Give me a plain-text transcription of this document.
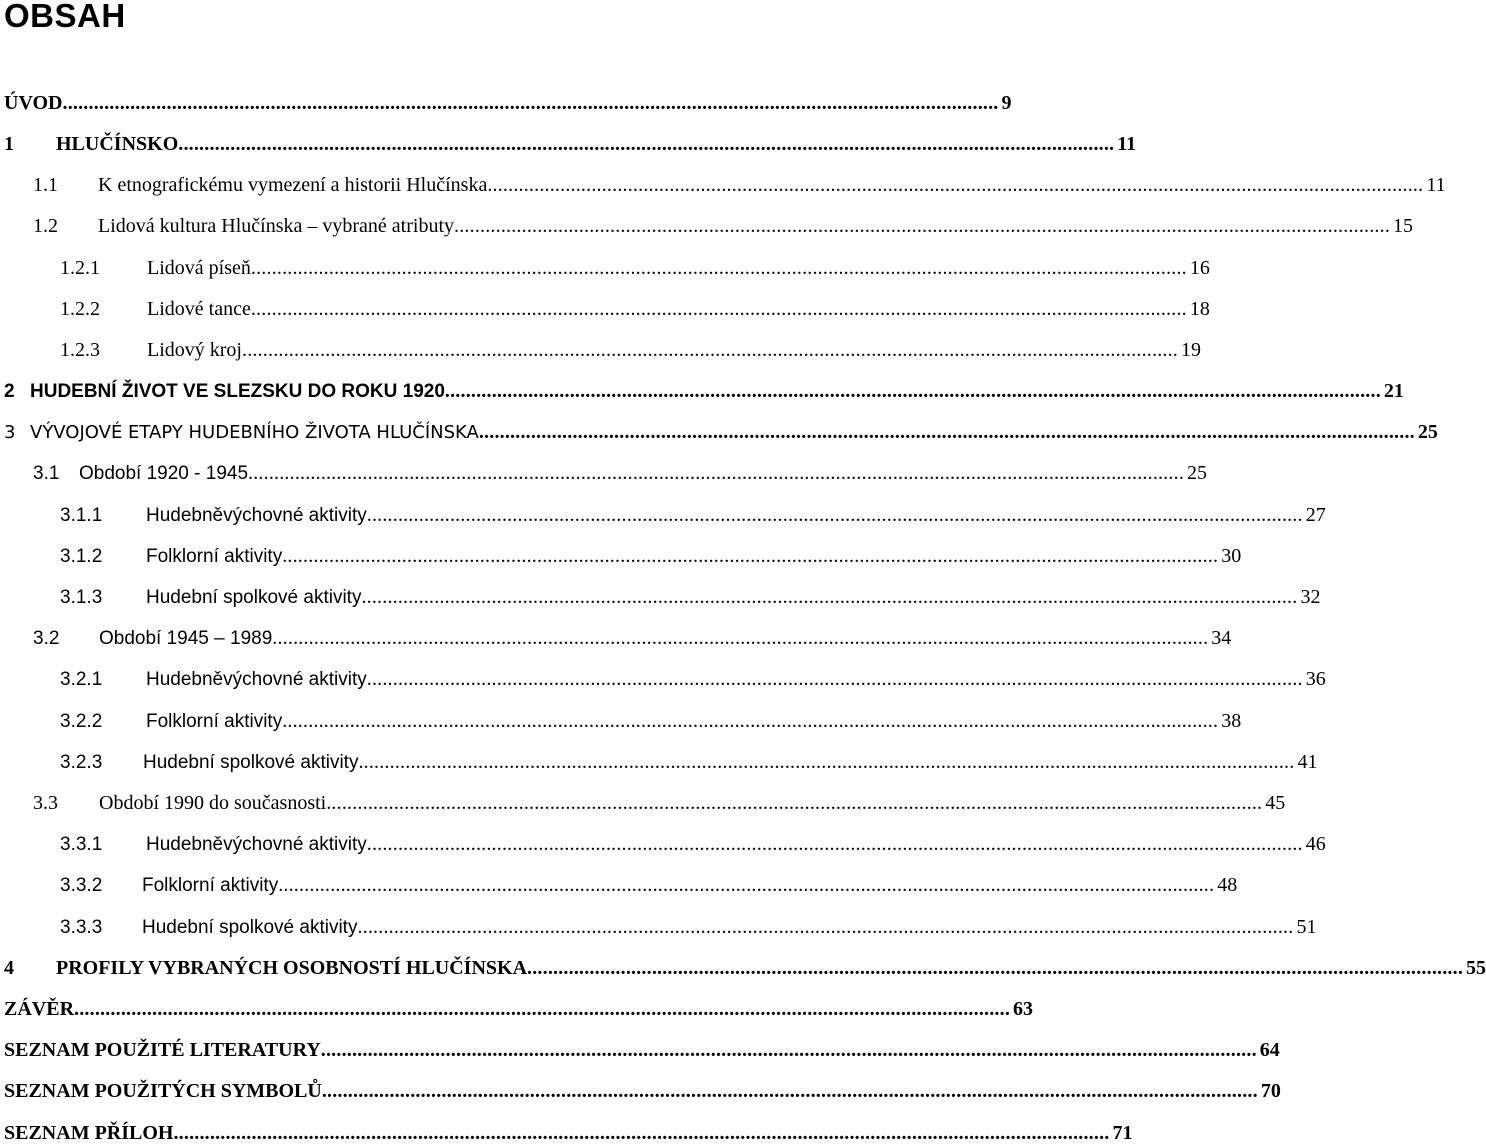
OBSAH
ÚVOD .................................................................................................................................................................................... 9
1	HLUČÍNSKO .................................................................................................................................................................................... 11
1.1	K etnografickému vymezení a historii Hlučínska .................................................................................................................................................................................... 11
1.2	Lidová kultura Hlučínska – vybrané atributy .................................................................................................................................................................................... 15
1.2.1	Lidová píseň .................................................................................................................................................................................... 16
1.2.2	Lidové tance .................................................................................................................................................................................... 18
1.2.3	Lidový kroj .................................................................................................................................................................................... 19
2 HUDEBNÍ ŽIVOT VE SLEZSKU DO ROKU 1920 .................................................................................................................................................................................... 21
3 VÝVOJOVÉ ETAPY HUDEBNÍHO ŽIVOTA HLUČÍNSKA .................................................................................................................................................................................... 25
3.1	Období 1920 - 1945 .................................................................................................................................................................................... 25
3.1.1	Hudebněvýchovné aktivity .................................................................................................................................................................................... 27
3.1.2	Folklorní aktivity .................................................................................................................................................................................... 30
3.1.3	Hudební spolkové aktivity .................................................................................................................................................................................... 32
3.2	Období 1945 – 1989 .................................................................................................................................................................................... 34
3.2.1	Hudebněvýchovné aktivity .................................................................................................................................................................................... 36
3.2.2	Folklorní aktivity .................................................................................................................................................................................... 38
3.2.3	Hudební spolkové aktivity .................................................................................................................................................................................... 41
3.3	Období 1990 do současnosti .................................................................................................................................................................................... 45
3.3.1	Hudebněvýchovné aktivity .................................................................................................................................................................................... 46
3.3.2	Folklorní aktivity .................................................................................................................................................................................... 48
3.3.3	Hudební spolkové aktivity .................................................................................................................................................................................... 51
4	PROFILY VYBRANÝCH OSOBNOSTÍ HLUČÍNSKA .................................................................................................................................................................................... 55
ZÁVĚR .................................................................................................................................................................................... 63
SEZNAM POUŽITÉ LITERATURY .................................................................................................................................................................................... 64
SEZNAM POUŽITÝCH SYMBOLŮ .................................................................................................................................................................................... 70
SEZNAM PŘÍLOH .................................................................................................................................................................................... 71
